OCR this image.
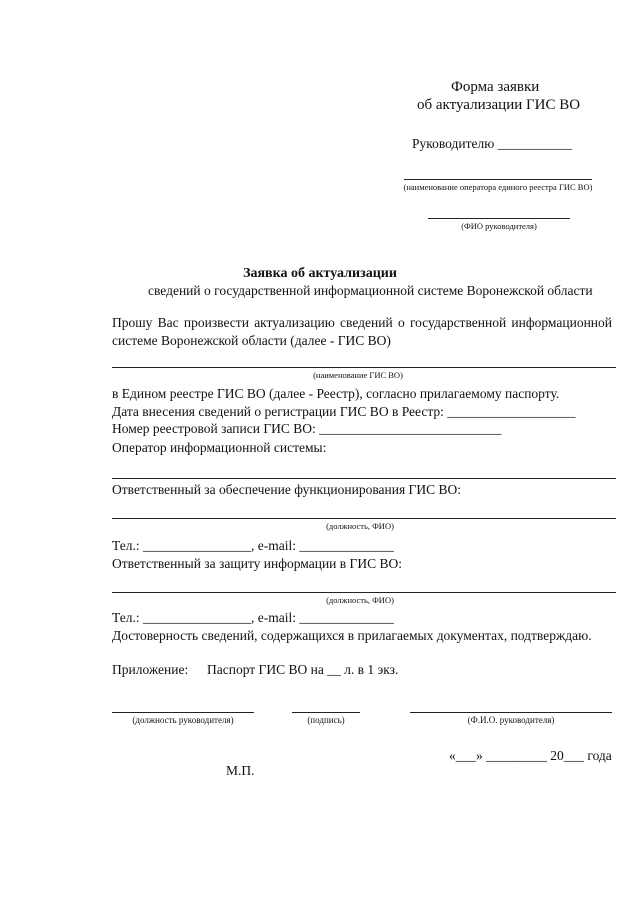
Форма заявки
об актуализации ГИС ВО
Руководителю ___________
(наименование оператора единого реестра ГИС ВО)
(ФИО руководителя)
Заявка об актуализации
сведений о государственной информационной системе Воронежской области
Прошу Вас произвести актуализацию сведений о государственной информационной
системе Воронежской области (далее - ГИС ВО)
(наименование ГИС ВО)
в Едином реестре ГИС ВО (далее - Реестр), согласно прилагаемому паспорту.
Дата внесения сведений о регистрации ГИС ВО в Реестр: ___________________
Номер реестровой записи ГИС ВО: ___________________________
Оператор информационной системы:
Ответственный за обеспечение функционирования ГИС ВО:
(должность, ФИО)
Тел.: ________________, e-mail: ______________
Ответственный за защиту информации в ГИС ВО:
(должность, ФИО)
Тел.: ________________, e-mail: ______________
Достоверность сведений, содержащихся в прилагаемых документах, подтверждаю.
Приложение: Паспорт ГИС ВО на __ л. в 1 экз.
(должность руководителя)	(подпись)	(Ф.И.О. руководителя)
«___» _________ 20___ года
М.П.
